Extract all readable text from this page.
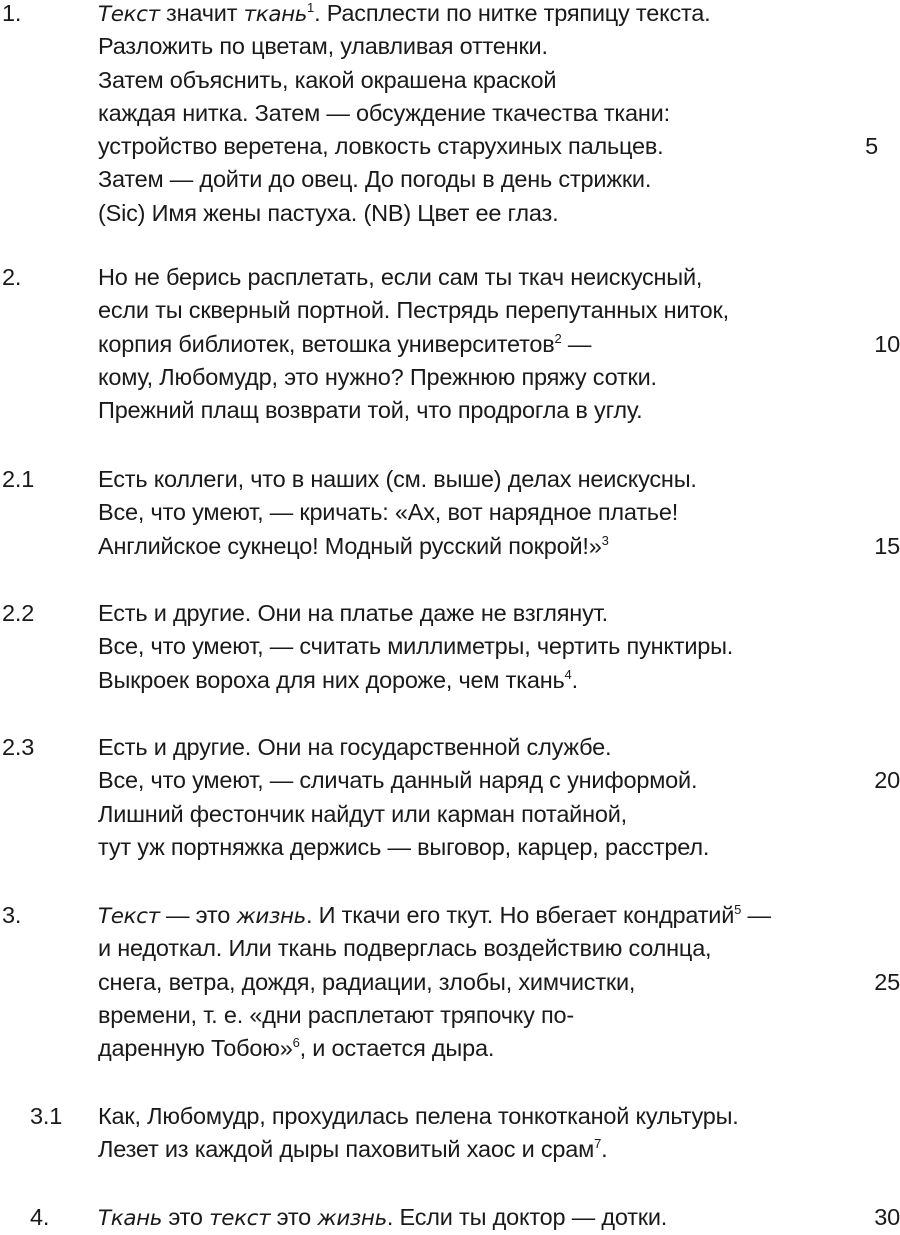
1.	Текст значит ткань$^1$. Расплести по нитке тряпицу текста.
Разложить по цветам, улавливая оттенки.
Затем объяснить, какой окрашена краской
каждая нитка. Затем — обсуждение ткачества ткани:
устройство веретена, ловкость старухиных пальцев.	5
Затем — дойти до овец. До погоды в день стрижки.
(Sic) Имя жены пастуха. (NB) Цвет ее глаз.
2.	Но не берись расплетать, если сам ты ткач неискусный,
если ты скверный портной. Пестрядь перепутанных ниток,
корпия библиотек, ветошка университетов$^2$ —	10
кому, Любомудр, это нужно? Прежнюю пряжу сотки.
Прежний плащ возврати той, что продрогла в углу.
2.1	Есть коллеги, что в наших (см. выше) делах неискусны.
Все, что умеют, — кричать: «Ах, вот нарядное платье!
Английское сукнецо! Модный русский покрой!»$^3$	15
2.2	Есть и другие. Они на платье даже не взглянут.
Все, что умеют, — считать миллиметры, чертить пунктиры.
Выкроек вороха для них дороже, чем ткань$^4$.
2.3	Есть и другие. Они на государственной службе.
Все, что умеют, — сличать данный наряд с униформой.	20
Лишний фестончик найдут или карман потайной,
тут уж портняжка держись — выговор, карцер, расстрел.
3.	Текст — это жизнь. И ткачи его ткут. Но вбегает кондратий$^5$ —
и недоткал. Или ткань подверглась воздействию солнца,
снега, ветра, дождя, радиации, злобы, химчистки,	25
времени, т. е. «дни расплетают тряпочку по-
даренную Тобою»$^6$, и остается дыра.
3.1 Как, Любомудр, прохудилась пелена тонкотканой культуры.
Лезет из каждой дыры паховитый хаос и срам$^7$.
4. Ткань это текст это жизнь. Если ты доктор — дотки.	30
